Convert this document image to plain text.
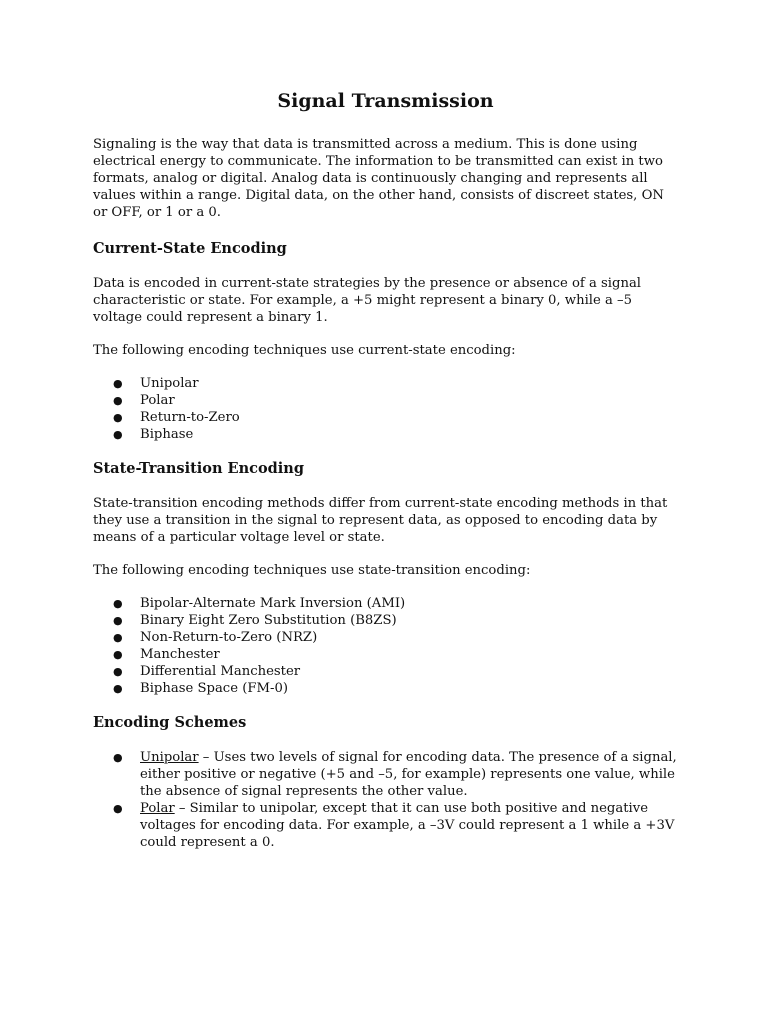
Signal Transmission

Signaling is the way that data is transmitted across a medium. This is done using electrical energy to communicate. The information to be transmitted can exist in two formats, analog or digital. Analog data is continuously changing and represents all values within a range. Digital data, on the other hand, consists of discreet states, ON or OFF, or 1 or a 0.

Current-State Encoding

Data is encoded in current-state strategies by the presence or absence of a signal characteristic or state. For example, a +5 might represent a binary 0, while a –5 voltage could represent a binary 1.

The following encoding techniques use current-state encoding:

● Unipolar
● Polar
● Return-to-Zero
● Biphase
State-Transition Encoding

State-transition encoding methods differ from current-state encoding methods in that they use a transition in the signal to represent data, as opposed to encoding data by means of a particular voltage level or state.

The following encoding techniques use state-transition encoding:

● Bipolar-Alternate Mark Inversion (AMI)
● Binary Eight Zero Substitution (B8ZS)
● Non-Return-to-Zero (NRZ)
● Manchester
● Differential Manchester
● Biphase Space (FM-0)
Encoding Schemes
● Unipolar – Uses two levels of signal for encoding data. The presence of a signal, either positive or negative (+5 and –5, for example) represents one value, while the absence of signal represents the other value.
● Polar – Similar to unipolar, except that it can use both positive and negative voltages for encoding data. For example, a –3V could represent a 1 while a +3V could represent a 0.
